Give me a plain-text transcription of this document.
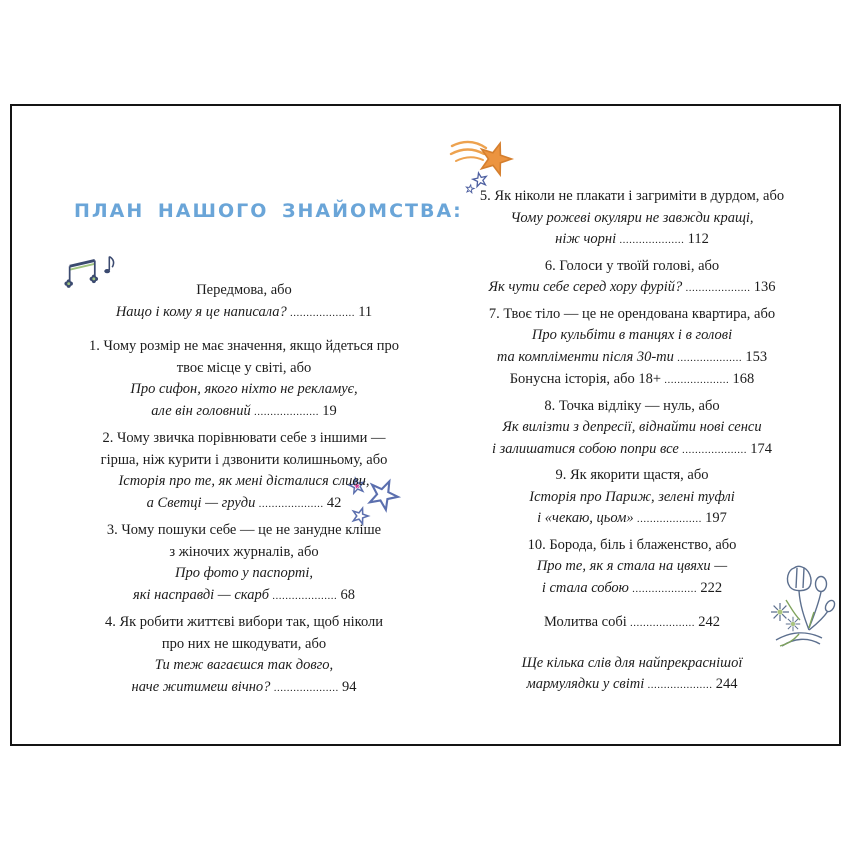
ПЛАН НАШОГО ЗНАЙОМСТВА:
Передмова, або
Нащо і кому я це написала? .................... 11
1. Чому розмір не має значення, якщо йдеться про
твоє місце у світі, або
Про сифон, якого ніхто не рекламує,
але він головний .................... 19
2. Чому звичка порівнювати себе з іншими —
гірша, ніж курити і дзвонити колишньому, або
Історія про те, як мені дісталися сливи,
а Светці — груди .................... 42
3. Чому пошуки себе — це не занудне кліше
з жіночих журналів, або
Про фото у паспорті,
які насправді — скарб .................... 68
4. Як робити життєві вибори так, щоб ніколи
про них не шкодувати, або
Ти теж вагаєшся так довго,
наче житимеш вічно? .................... 94
5. Як ніколи не плакати і загриміти в дурдом, або
Чому рожеві окуляри не завжди кращі,
ніж чорні .................... 112
6. Голоси у твоїй голові, або
Як чути себе серед хору фурій? .................... 136
7. Твоє тіло — це не орендована квартира, або
Про кульбіти в танцях і в голові
та компліменти після 30-ти .................... 153
Бонусна історія, або 18+ .................... 168
8. Точка відліку — нуль, або
Як вилізти з депресії, віднайти нові сенси
і залишатися собою попри все .................... 174
9. Як якорити щастя, або
Історія про Париж, зелені туфлі
і «чекаю, цьом» .................... 197
10. Борода, біль і блаженство, або
Про те, як я стала на цвяхи —
і стала собою .................... 222
Молитва собі .................... 242
Ще кілька слів для найпрекраснішої
мармулядки у світі .................... 244
